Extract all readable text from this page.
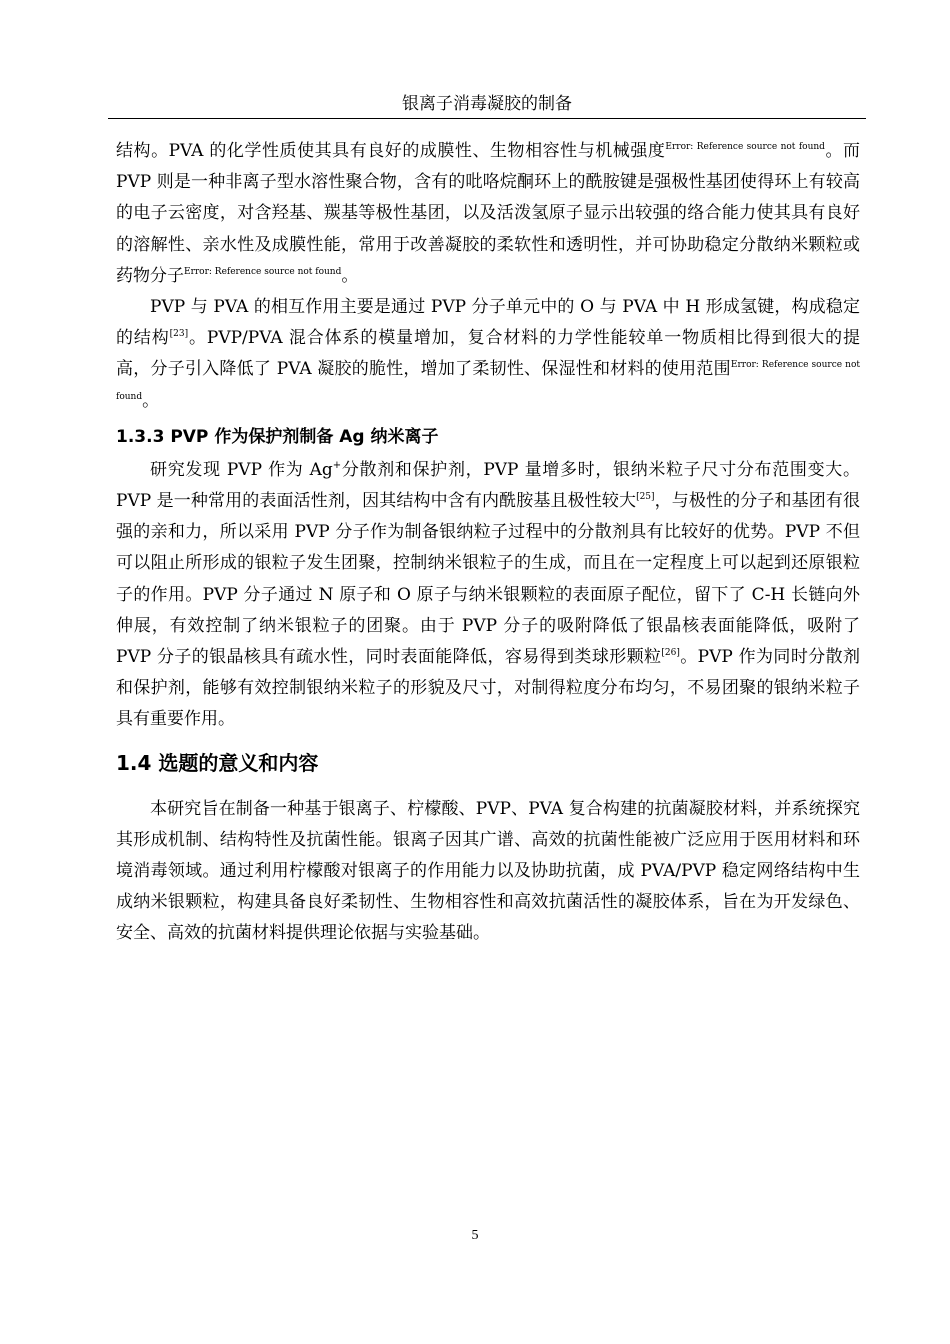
银离子消毒凝胶的制备

结构。PVA 的化学性质使其具有良好的成膜性、生物相容性与机械强度$^{Error: Reference source not found}$。而 PVP 则是一种非离子型水溶性聚合物，含有的吡咯烷酮环上的酰胺键是强极性基团使得环上有较高的电子云密度，对含羟基、羰基等极性基团，以及活泼氢原子显示出较强的络合能力使其具有良好的溶解性、亲水性及成膜性能，常用于改善凝胶的柔软性和透明性，并可协助稳定分散纳米颗粒或药物分子$^{Error: Reference source not found}$。

PVP 与 PVA 的相互作用主要是通过 PVP 分子单元中的 O 与 PVA 中 H 形成氢键，构成稳定的结构[23]。PVP/PVA 混合体系的模量增加，复合材料的力学性能较单一物质相比得到很大的提高，分子引入降低了 PVA 凝胶的脆性，增加了柔韧性、保湿性和材料的使用范围$^{Error: Reference source not found}$。

1.3.3 PVP 作为保护剂制备 Ag 纳米离子

研究发现 PVP 作为 Ag+分散剂和保护剂，PVP 量增多时，银纳米粒子尺寸分布范围变大。PVP 是一种常用的表面活性剂，因其结构中含有内酰胺基且极性较大[25]，与极性的分子和基团有很强的亲和力，所以采用 PVP 分子作为制备银纳粒子过程中的分散剂具有比较好的优势。PVP 不但可以阻止所形成的银粒子发生团聚，控制纳米银粒子的生成，而且在一定程度上可以起到还原银粒子的作用。PVP 分子通过 N 原子和 O 原子与纳米银颗粒的表面原子配位，留下了 C-H 长链向外伸展，有效控制了纳米银粒子的团聚。由于 PVP 分子的吸附降低了银晶核表面能降低，吸附了 PVP 分子的银晶核具有疏水性，同时表面能降低，容易得到类球形颗粒[26]。PVP 作为同时分散剂和保护剂，能够有效控制银纳米粒子的形貌及尺寸，对制得粒度分布均匀，不易团聚的银纳米粒子具有重要作用。

1.4 选题的意义和内容

本研究旨在制备一种基于银离子、柠檬酸、PVP、PVA 复合构建的抗菌凝胶材料，并系统探究其形成机制、结构特性及抗菌性能。银离子因其广谱、高效的抗菌性能被广泛应用于医用材料和环境消毒领域。通过利用柠檬酸对银离子的作用能力以及协助抗菌，成 PVA/PVP 稳定网络结构中生成纳米银颗粒，构建具备良好柔韧性、生物相容性和高效抗菌活性的凝胶体系，旨在为开发绿色、安全、高效的抗菌材料提供理论依据与实验基础。

5
